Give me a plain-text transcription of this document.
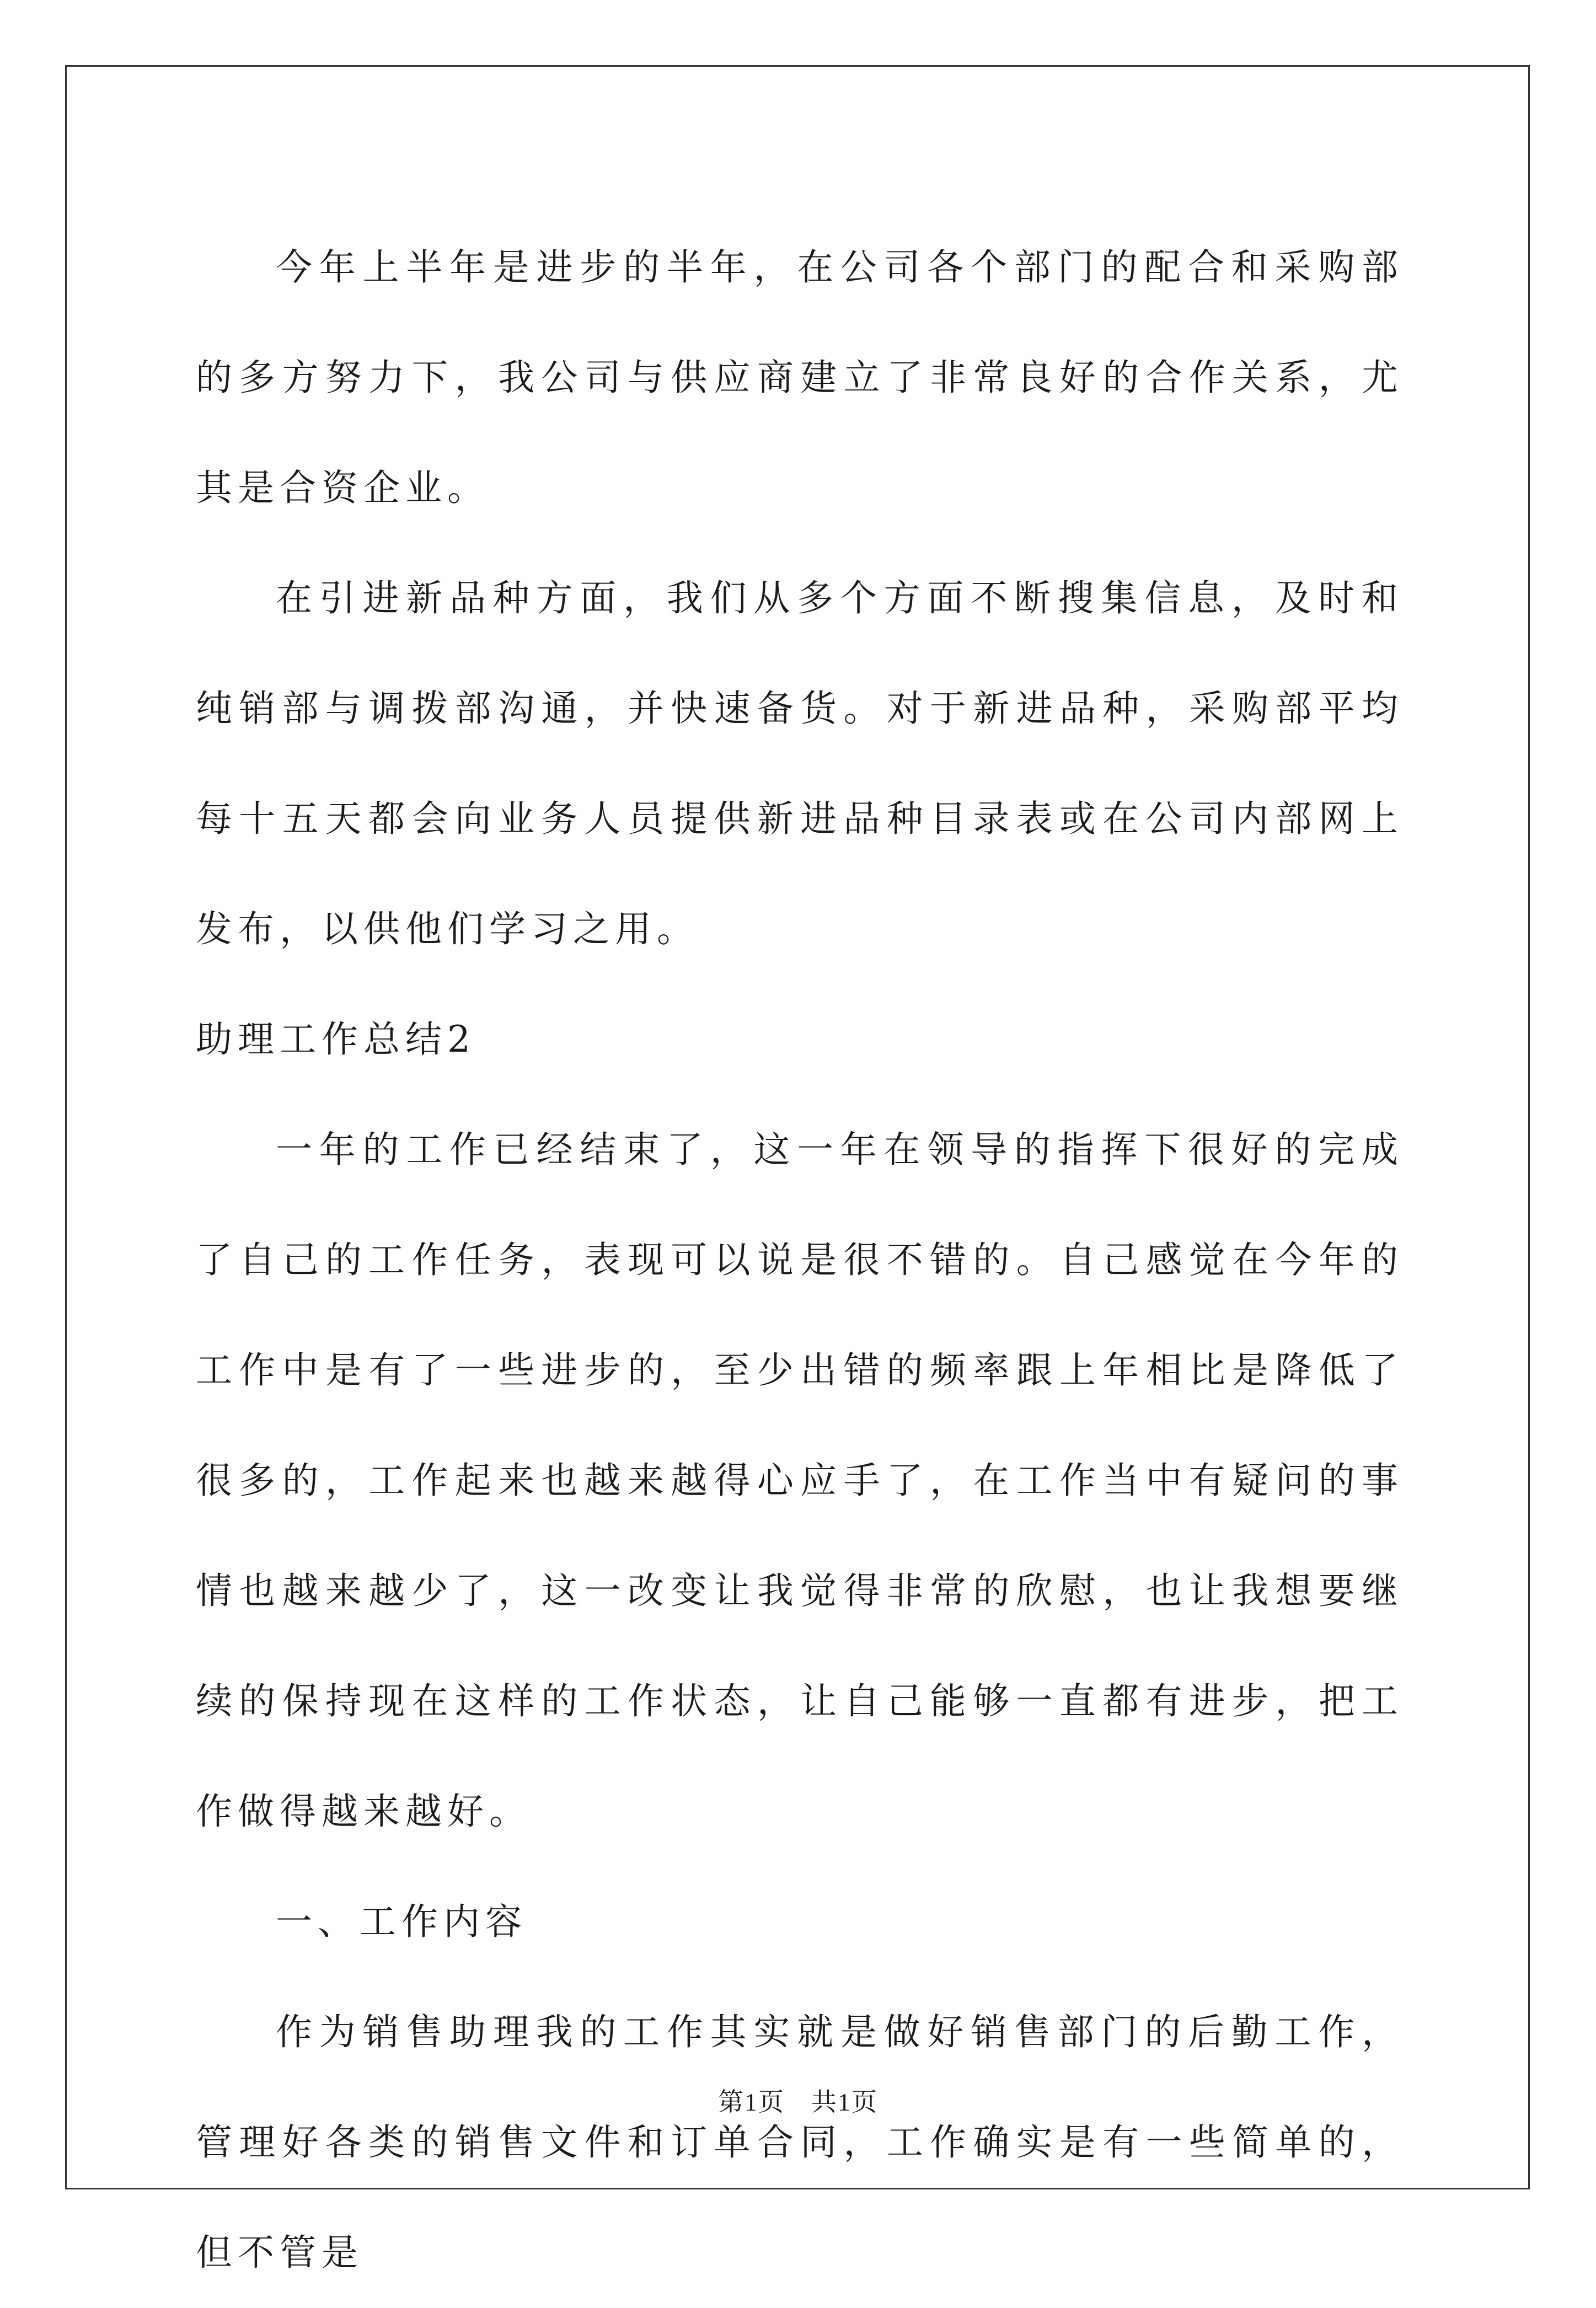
今年上半年是进步的半年，在公司各个部门的配合和采购部的多方努力下，我公司与供应商建立了非常良好的合作关系，尤其是合资企业。

在引进新品种方面，我们从多个方面不断搜集信息，及时和纯销部与调拨部沟通，并快速备货。对于新进品种，采购部平均每十五天都会向业务人员提供新进品种目录表或在公司内部网上发布，以供他们学习之用。

助理工作总结2

一年的工作已经结束了，这一年在领导的指挥下很好的完成了自己的工作任务，表现可以说是很不错的。自己感觉在今年的工作中是有了一些进步的，至少出错的频率跟上年相比是降低了很多的，工作起来也越来越得心应手了，在工作当中有疑问的事情也越来越少了，这一改变让我觉得非常的欣慰，也让我想要继续的保持现在这样的工作状态，让自己能够一直都有进步，把工作做得越来越好。

一、工作内容

作为销售助理我的工作其实就是做好销售部门的后勤工作，管理好各类的销售文件和订单合同，工作确实是有一些简单的，但不管是

第1页　共1页
